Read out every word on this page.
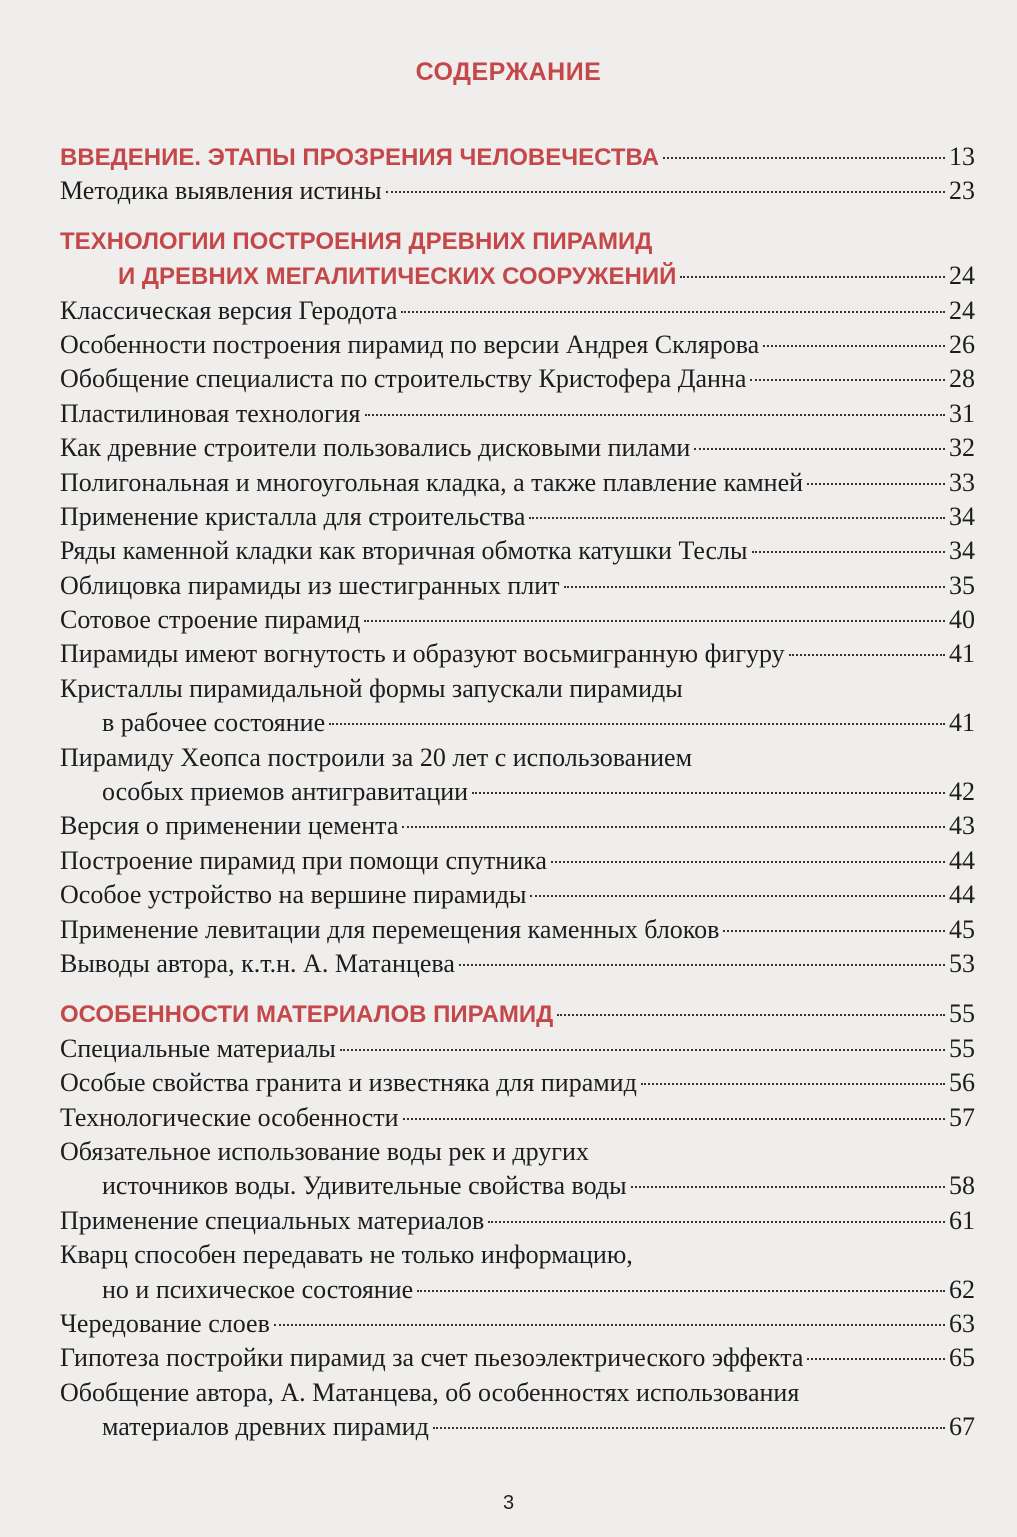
СОДЕРЖАНИЕ
ВВЕДЕНИЕ. ЭТАПЫ ПРОЗРЕНИЯ ЧЕЛОВЕЧЕСТВА	13
Методика выявления истины	23
ТЕХНОЛОГИИ ПОСТРОЕНИЯ ДРЕВНИХ ПИРАМИД
И ДРЕВНИХ МЕГАЛИТИЧЕСКИХ СООРУЖЕНИЙ	24
Классическая версия Геродота	24
Особенности построения пирамид по версии Андрея Склярова	26
Обобщение специалиста по строительству Кристофера Данна	28
Пластилиновая технология	31
Как древние строители пользовались дисковыми пилами	32
Полигональная и многоугольная кладка, а также плавление камней	33
Применение кристалла для строительства	34
Ряды каменной кладки как вторичная обмотка катушки Теслы	34
Облицовка пирамиды из шестигранных плит	35
Сотовое строение пирамид	40
Пирамиды имеют вогнутость и образуют восьмигранную фигуру	41
Кристаллы пирамидальной формы запускали пирамиды
в рабочее состояние	41
Пирамиду Хеопса построили за 20 лет с использованием
особых приемов антигравитации	42
Версия о применении цемента	43
Построение пирамид при помощи спутника	44
Особое устройство на вершине пирамиды	44
Применение левитации для перемещения каменных блоков	45
Выводы автора, к.т.н. А. Матанцева	53
ОСОБЕННОСТИ МАТЕРИАЛОВ ПИРАМИД	55
Специальные материалы	55
Особые свойства гранита и известняка для пирамид	56
Технологические особенности	57
Обязательное использование воды рек и других
источников воды. Удивительные свойства воды	58
Применение специальных материалов	61
Кварц способен передавать не только информацию,
но и психическое состояние	62
Чередование слоев	63
Гипотеза постройки пирамид за счет пьезоэлектрического эффекта	65
Обобщение автора, А. Матанцева, об особенностях использования
материалов древних пирамид	67
3
